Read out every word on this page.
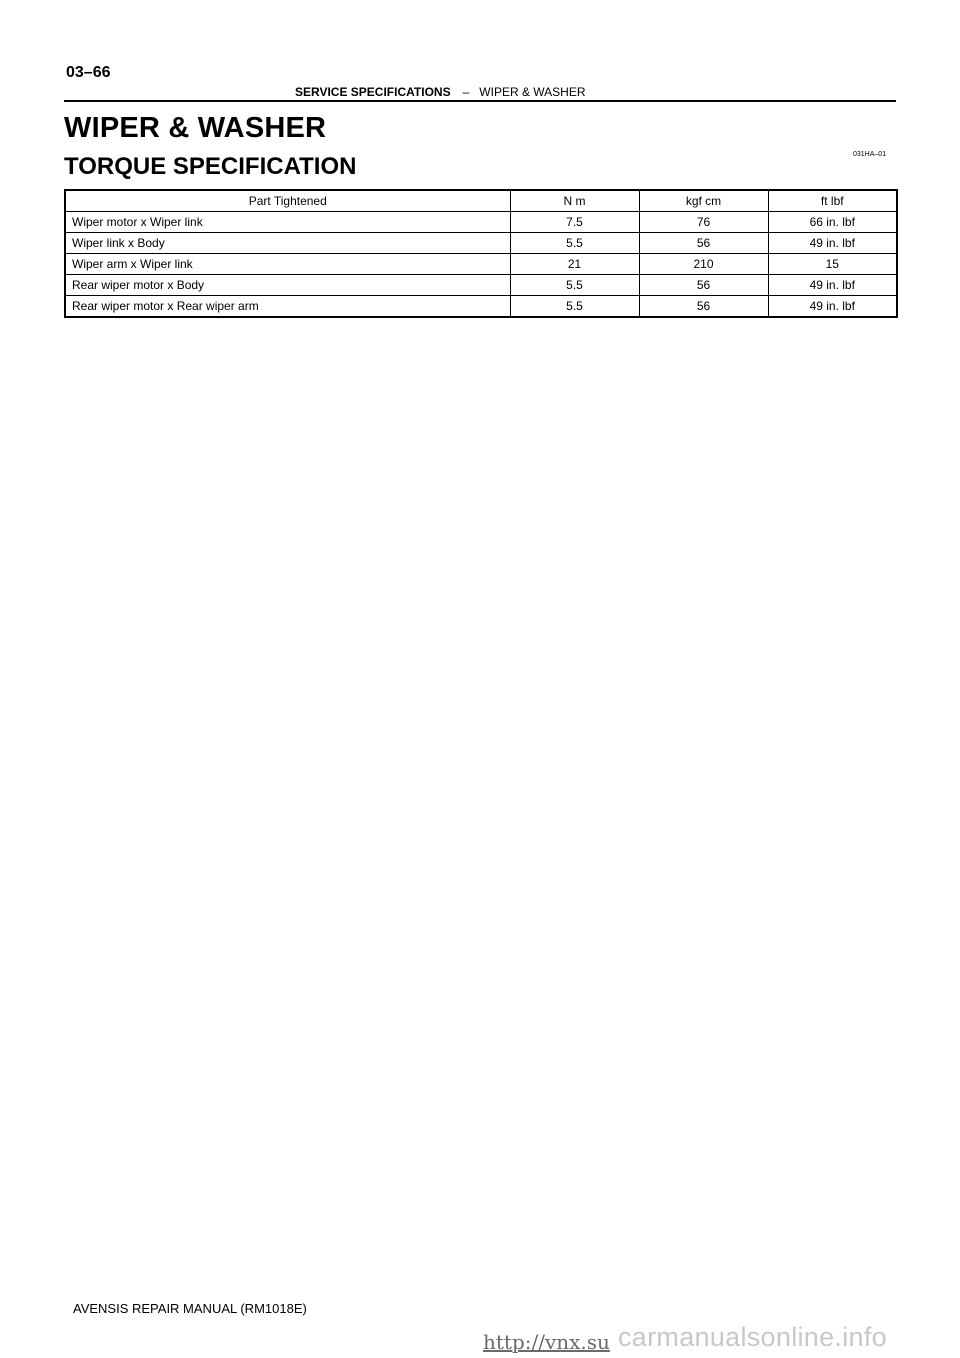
03–66
SERVICE SPECIFICATIONS – WIPER & WASHER
WIPER & WASHER
TORQUE SPECIFICATION	031HA–01
Part Tightened	N m	kgf cm	ft lbf
Wiper motor x Wiper link	7.5	76	66 in. lbf
Wiper link x Body	5.5	56	49 in. lbf
Wiper arm x Wiper link	21	210	15
Rear wiper motor x Body	5.5	56	49 in. lbf
Rear wiper motor x Rear wiper arm	5.5	56	49 in. lbf
AVENSIS REPAIR MANUAL (RM1018E)
http://vnx.su carmanualsonline.info
